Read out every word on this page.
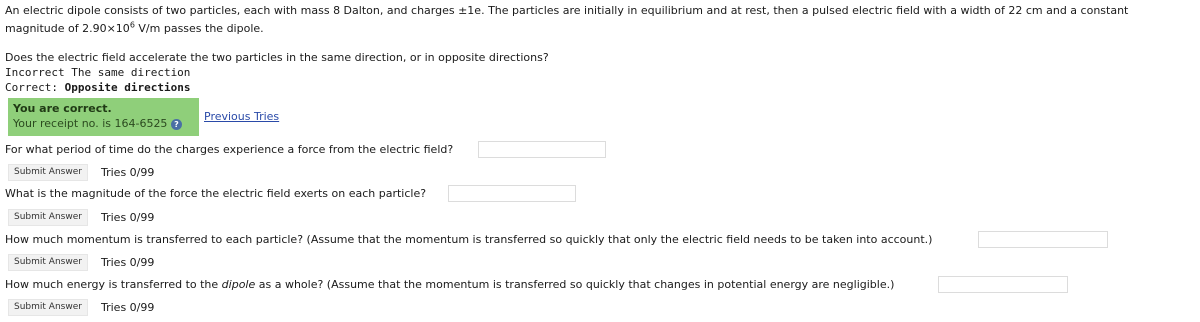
An electric dipole consists of two particles, each with mass 8 Dalton, and charges ±1e. The particles are initially in equilibrium and at rest, then a pulsed electric field with a width of 22 cm and a constant
magnitude of $2.90\times 10^6$ V/m passes the dipole.
Does the electric field accelerate the two particles in the same direction, or in opposite directions?
Incorrect The same direction
Correct: Opposite directions
You are correct.
Your receipt no. is 164-6525 ?
Previous Tries
For what period of time do the charges experience a force from the electric field?
Submit Answer	Tries 0/99
What is the magnitude of the force the electric field exerts on each particle?
Submit Answer	Tries 0/99
How much momentum is transferred to each particle? (Assume that the momentum is transferred so quickly that only the electric field needs to be taken into account.)
Submit Answer	Tries 0/99
How much energy is transferred to the dipole as a whole? (Assume that the momentum is transferred so quickly that changes in potential energy are negligible.)
Submit Answer	Tries 0/99
